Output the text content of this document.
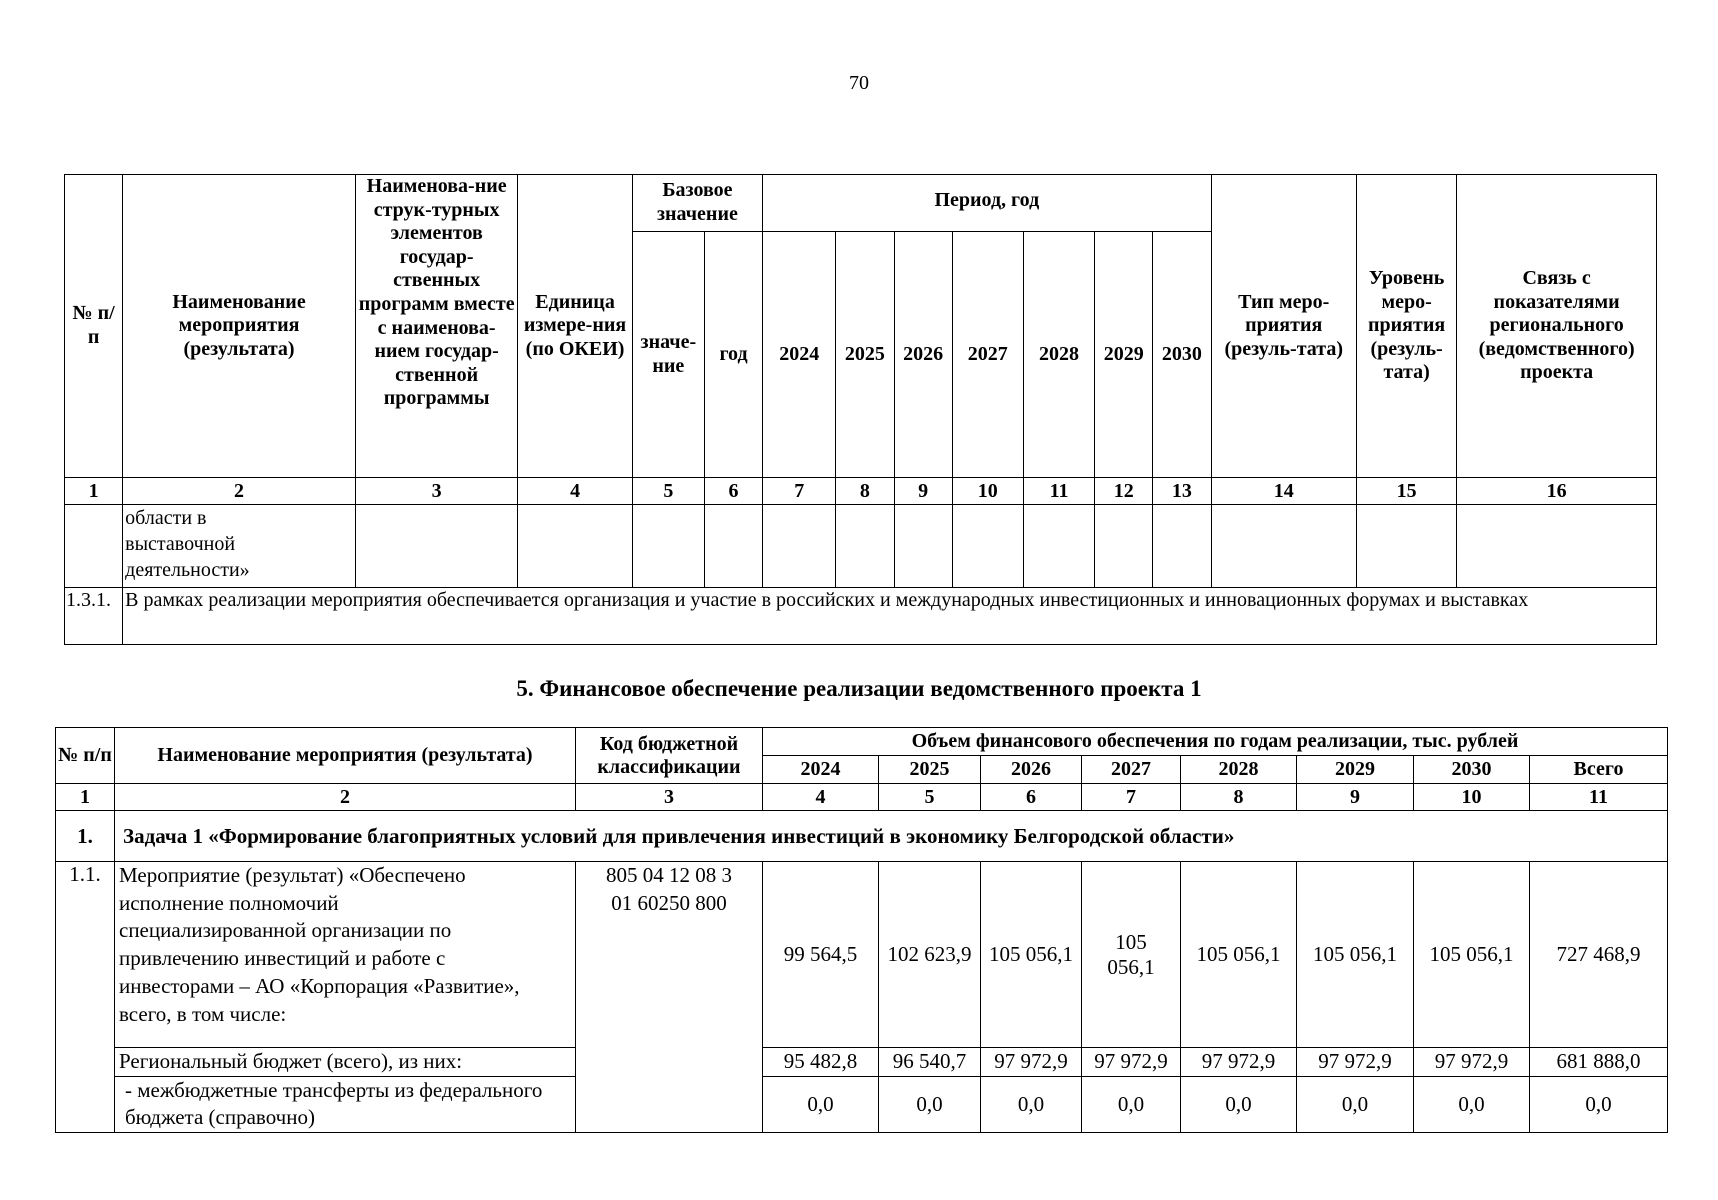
70
№ п/п	Наименование мероприятия (результата)	Наименова-ние струк-турных элементов государ-ственных программ вместе с наименова-нием государ-ственной программы	Единица измере-ния (по ОКЕИ)	Базовое значение		Период, год							Тип меро-приятия (резуль-тата)	Уровень меро-приятия (резуль-тата)	Связь с показателями регионального (ведомственного) проекта
				значе-ние	год	2024	2025	2026	2027	2028	2029	2030			
1	2	3	4	5	6	7	8	9	10	11	12	13	14	15	16

	области в выставочной деятельности»														

1.3.1.	В рамках реализации мероприятия обеспечивается организация и участие в российских и международных инвестиционных и инновационных форумах и выставках														
5. Финансовое обеспечение реализации ведомственного проекта 1
№ п/п	Наименование мероприятия (результата)	Код бюджетной классификации	Объем финансового обеспечения по годам реализации, тыс. рублей							
			2024	2025	2026	2027	2028	2029	2030	Всего
1	2	3	4	5	6	7	8	9	10	11
1.	Задача 1 «Формирование благоприятных условий для привлечения инвестиций в экономику Белгородской области»									
1.1.	Мероприятие (результат) «Обеспечено исполнение полномочий специализированной организации по привлечению инвестиций и работе с инвесторами – АО «Корпорация «Развитие», всего, в том числе:	805 04 12 08 3 01 60250 800	99 564,5	102 623,9	105 056,1	105 056,1	105 056,1	105 056,1	105 056,1	727 468,9
	Региональный бюджет (всего), из них:		95 482,8	96 540,7	97 972,9	97 972,9	97 972,9	97 972,9	97 972,9	681 888,0

	- межбюджетные трансферты из федерального бюджета (справочно)		0,0	0,0	0,0	0,0	0,0	0,0	0,0	0,0
